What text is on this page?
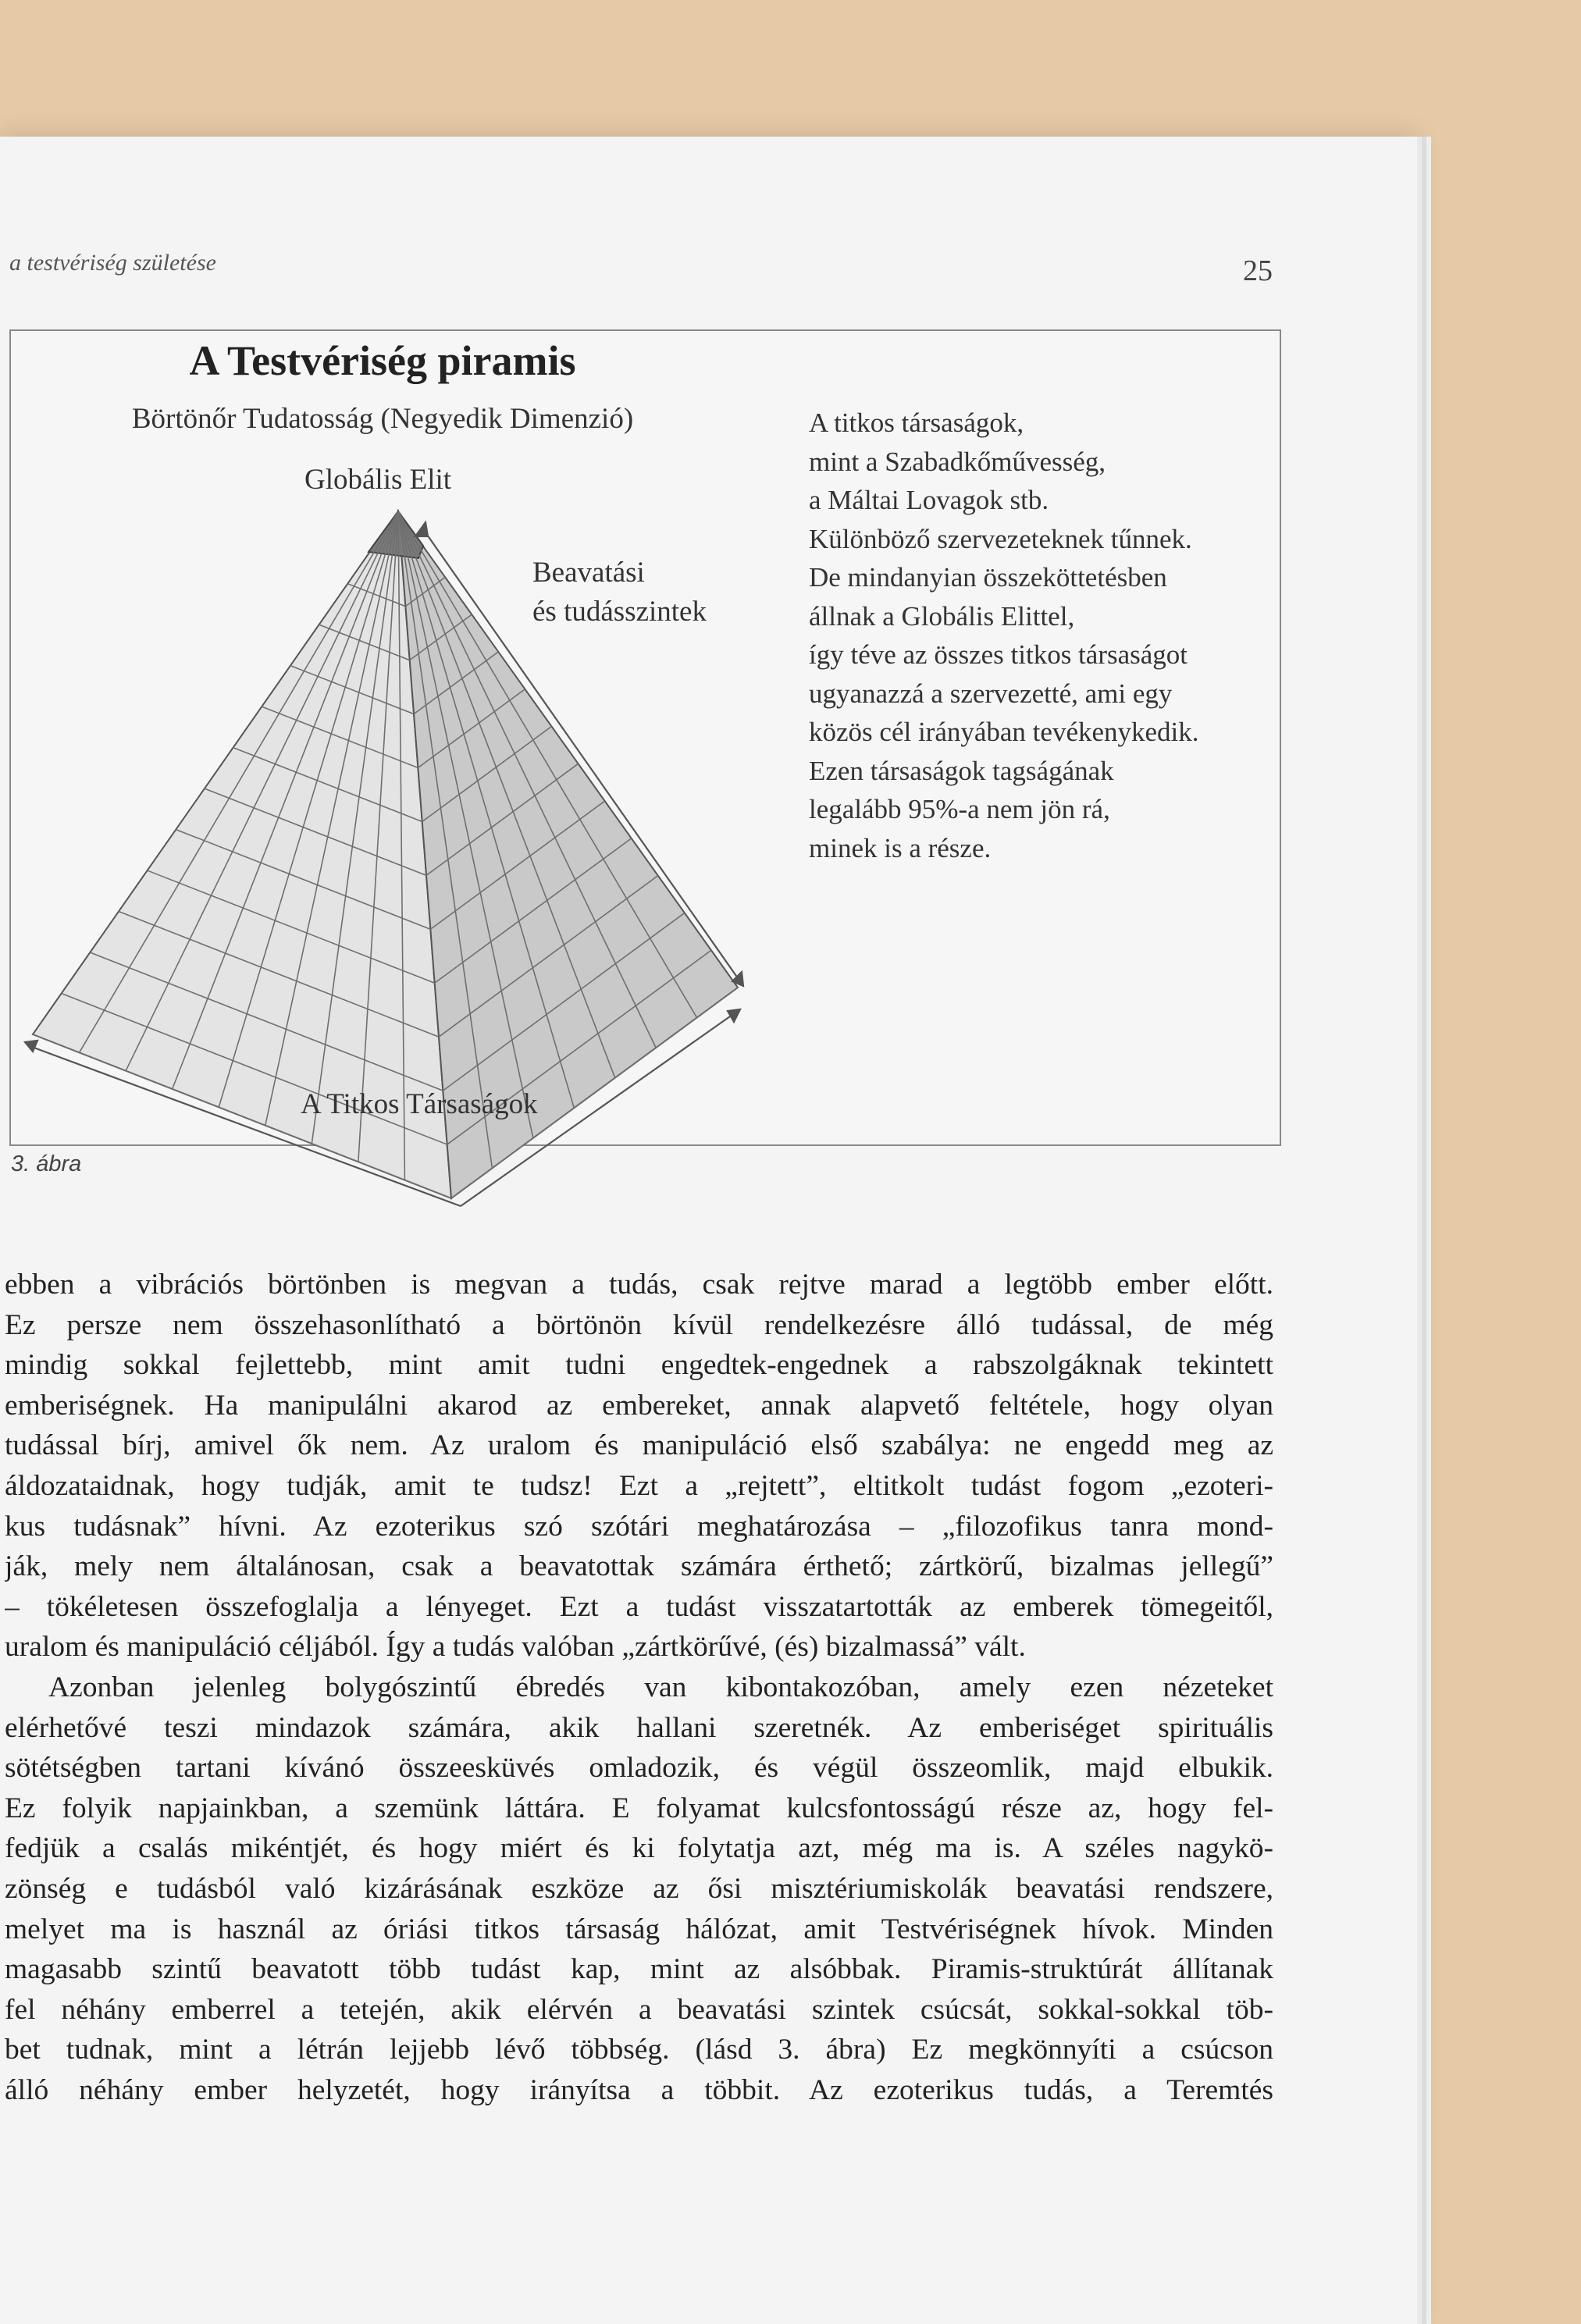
a testvériség születése	25
A Testvériség piramis
Börtönőr Tudatosság (Negyedik Dimenzió)
Globális Elit
Beavatási
és tudásszintek
A titkos társaságok,
mint a Szabadkőművesség,
a Máltai Lovagok stb.
Különböző szervezeteknek tűnnek.
De mindanyian összeköttetésben
állnak a Globális Elittel,
így téve az összes titkos társaságot
ugyanazzá a szervezetté, ami egy
közös cél irányában tevékenykedik.
Ezen társaságok tagságának
legalább 95%-a nem jön rá,
minek is a része.
A Titkos Társaságok
3. ábra
ebben a vibrációs börtönben is megvan a tudás, csak rejtve marad a legtöbb ember előtt.
Ez persze nem összehasonlítható a börtönön kívül rendelkezésre álló tudással, de még
mindig sokkal fejlettebb, mint amit tudni engedtek-engednek a rabszolgáknak tekintett
emberiségnek. Ha manipulálni akarod az embereket, annak alapvető feltétele, hogy olyan
tudással bírj, amivel ők nem. Az uralom és manipuláció első szabálya: ne engedd meg az
áldozataidnak, hogy tudják, amit te tudsz! Ezt a „rejtett”, eltitkolt tudást fogom „ezoteri-
kus tudásnak” hívni. Az ezoterikus szó szótári meghatározása – „filozofikus tanra mond-
ják, mely nem általánosan, csak a beavatottak számára érthető; zártkörű, bizalmas jellegű”
– tökéletesen összefoglalja a lényeget. Ezt a tudást visszatartották az emberek tömegeitől,
uralom és manipuláció céljából. Így a tudás valóban „zártkörűvé, (és) bizalmassá” vált.
Azonban jelenleg bolygószintű ébredés van kibontakozóban, amely ezen nézeteket
elérhetővé teszi mindazok számára, akik hallani szeretnék. Az emberiséget spirituális
sötétségben tartani kívánó összeesküvés omladozik, és végül összeomlik, majd elbukik.
Ez folyik napjainkban, a szemünk láttára. E folyamat kulcsfontosságú része az, hogy fel-
fedjük a csalás mikéntjét, és hogy miért és ki folytatja azt, még ma is. A széles nagykö-
zönség e tudásból való kizárásának eszköze az ősi misztériumiskolák beavatási rendszere,
melyet ma is használ az óriási titkos társaság hálózat, amit Testvériségnek hívok. Minden
magasabb szintű beavatott több tudást kap, mint az alsóbbak. Piramis-struktúrát állítanak
fel néhány emberrel a tetején, akik elérvén a beavatási szintek csúcsát, sokkal-sokkal töb-
bet tudnak, mint a létrán lejjebb lévő többség. (lásd 3. ábra) Ez megkönnyíti a csúcson
álló néhány ember helyzetét, hogy irányítsa a többit. Az ezoterikus tudás, a Teremtés
